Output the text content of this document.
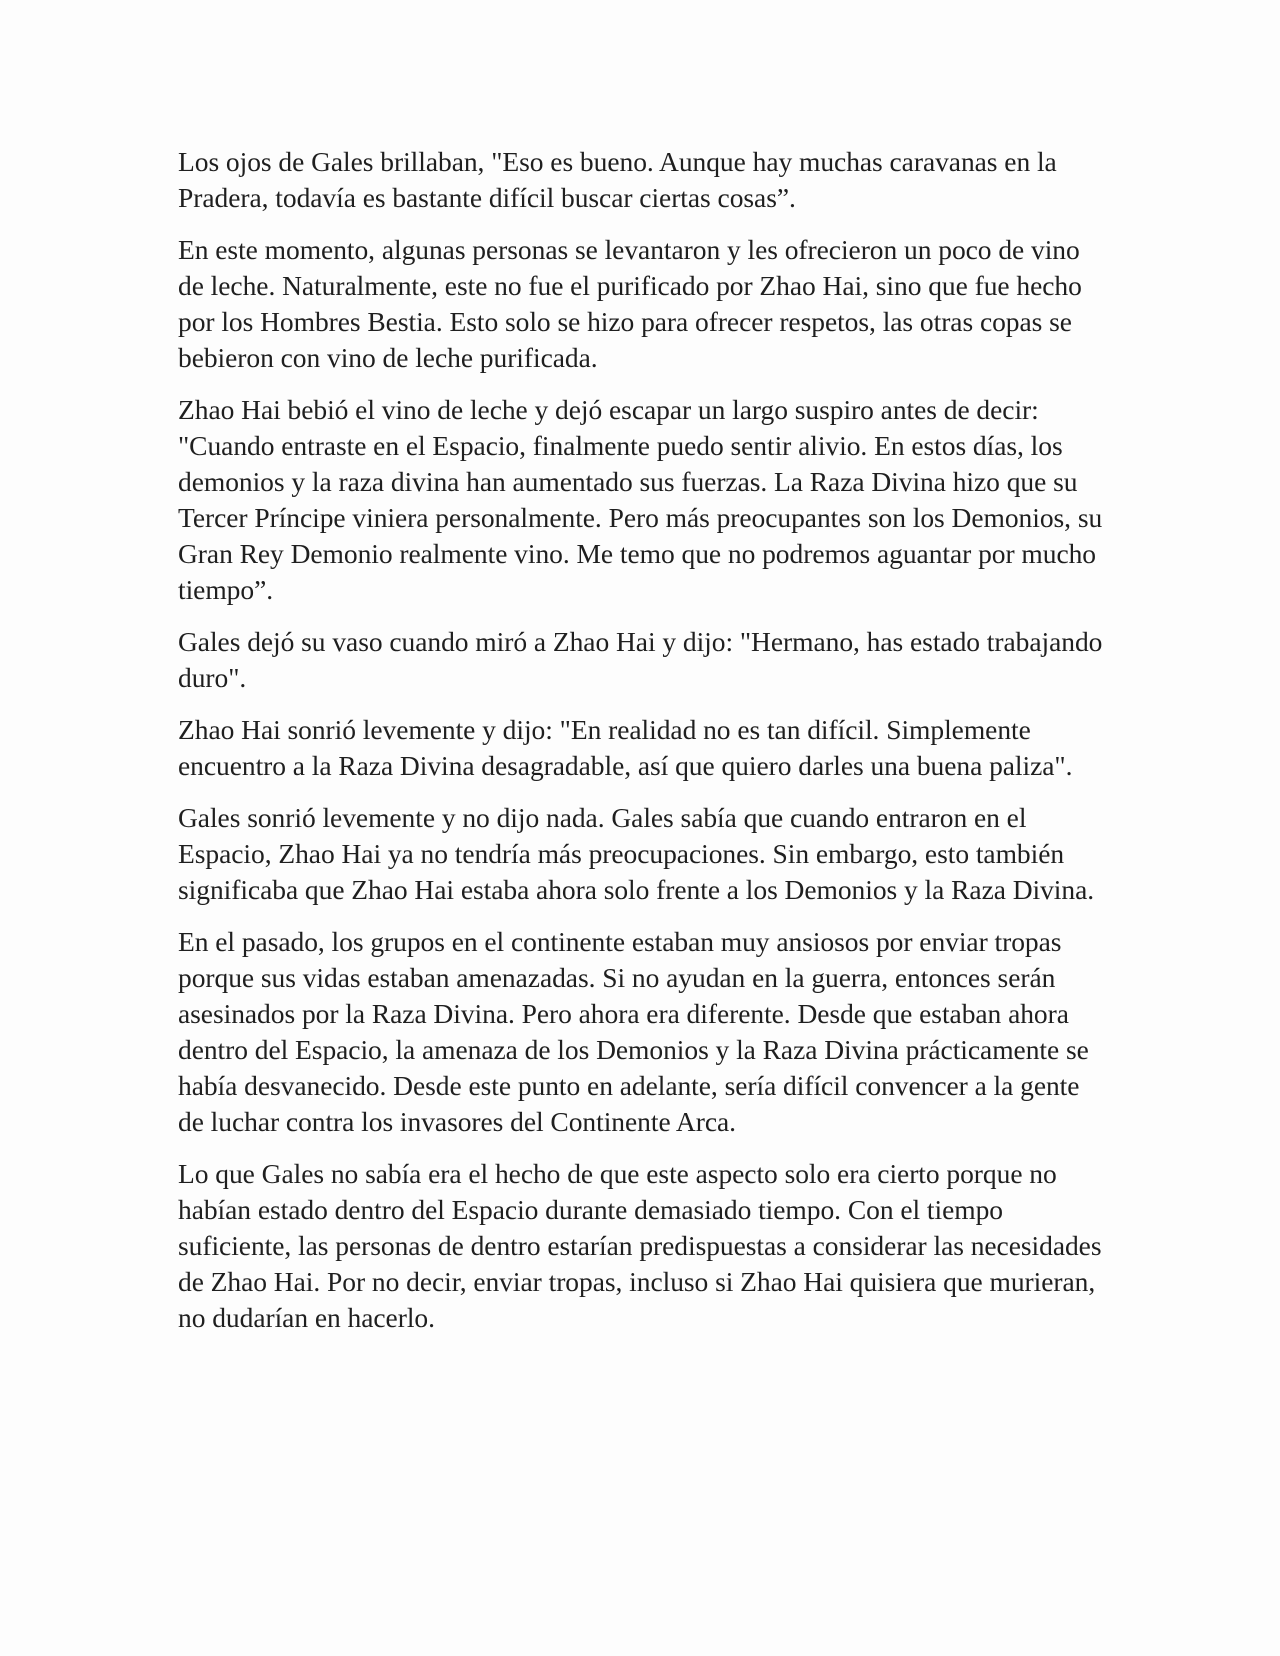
Los ojos de Gales brillaban, "Eso es bueno. Aunque hay muchas caravanas en la Pradera, todavía es bastante difícil buscar ciertas cosas”.

En este momento, algunas personas se levantaron y les ofrecieron un poco de vino de leche. Naturalmente, este no fue el purificado por Zhao Hai, sino que fue hecho por los Hombres Bestia. Esto solo se hizo para ofrecer respetos, las otras copas se bebieron con vino de leche purificada.

Zhao Hai bebió el vino de leche y dejó escapar un largo suspiro antes de decir: "Cuando entraste en el Espacio, finalmente puedo sentir alivio. En estos días, los demonios y la raza divina han aumentado sus fuerzas. La Raza Divina hizo que su Tercer Príncipe viniera personalmente. Pero más preocupantes son los Demonios, su Gran Rey Demonio realmente vino. Me temo que no podremos aguantar por mucho tiempo”.

Gales dejó su vaso cuando miró a Zhao Hai y dijo: "Hermano, has estado trabajando duro".

Zhao Hai sonrió levemente y dijo: "En realidad no es tan difícil. Simplemente encuentro a la Raza Divina desagradable, así que quiero darles una buena paliza".

Gales sonrió levemente y no dijo nada. Gales sabía que cuando entraron en el Espacio, Zhao Hai ya no tendría más preocupaciones. Sin embargo, esto también significaba que Zhao Hai estaba ahora solo frente a los Demonios y la Raza Divina.

En el pasado, los grupos en el continente estaban muy ansiosos por enviar tropas porque sus vidas estaban amenazadas. Si no ayudan en la guerra, entonces serán asesinados por la Raza Divina. Pero ahora era diferente. Desde que estaban ahora dentro del Espacio, la amenaza de los Demonios y la Raza Divina prácticamente se había desvanecido. Desde este punto en adelante, sería difícil convencer a la gente de luchar contra los invasores del Continente Arca.

Lo que Gales no sabía era el hecho de que este aspecto solo era cierto porque no habían estado dentro del Espacio durante demasiado tiempo. Con el tiempo suficiente, las personas de dentro estarían predispuestas a considerar las necesidades de Zhao Hai. Por no decir, enviar tropas, incluso si Zhao Hai quisiera que murieran, no dudarían en hacerlo.
